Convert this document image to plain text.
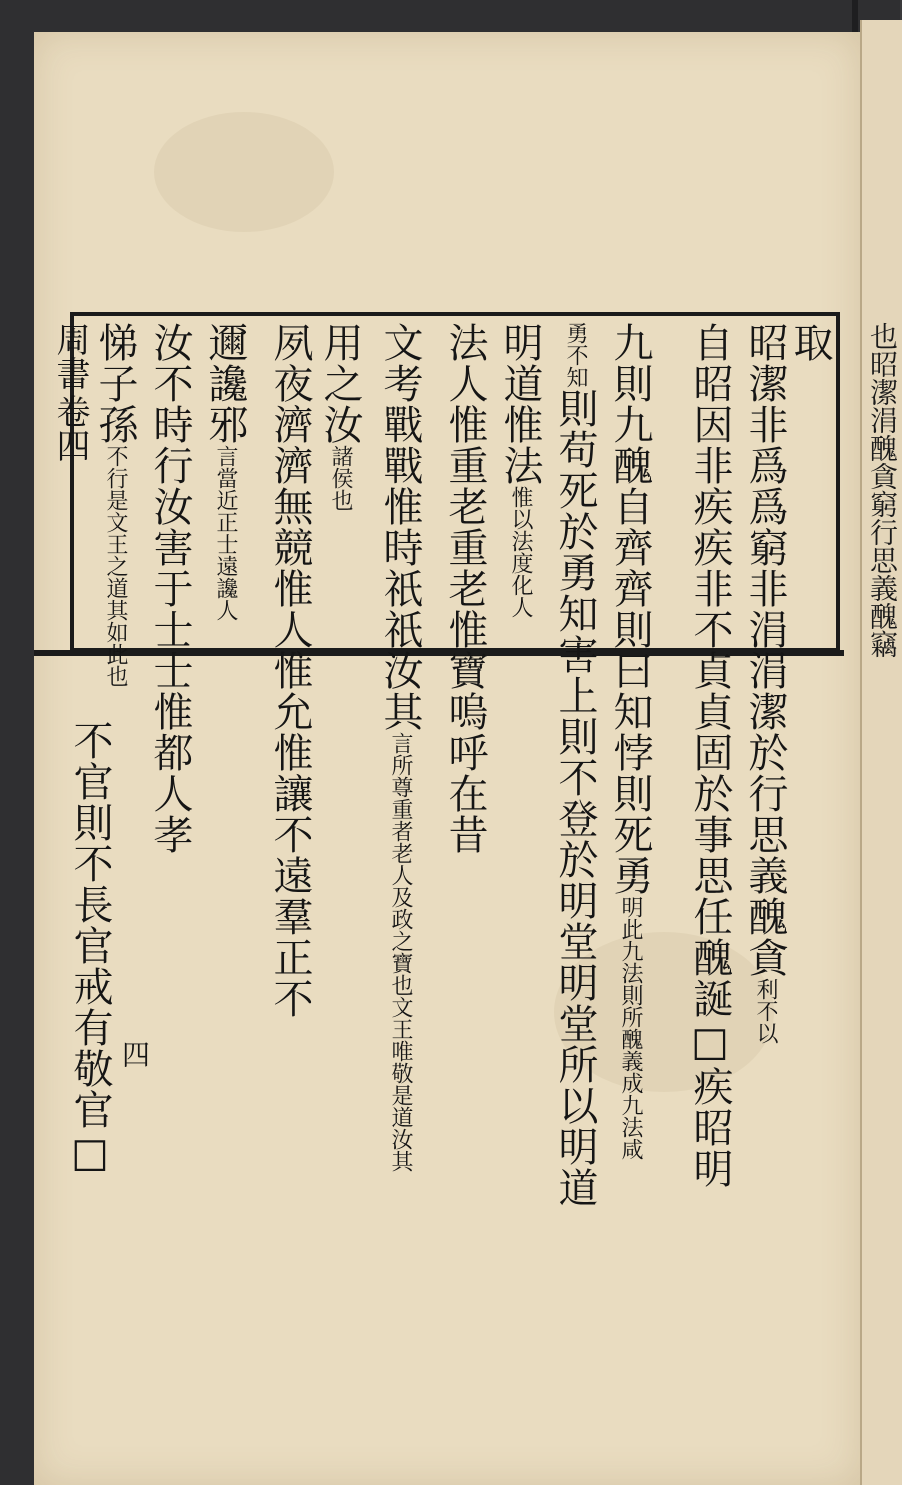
也昭潔涓醜貪窮行思義醜竊
周書
卷四
四
取
昭潔非爲爲窮非涓涓潔於行思義醜貪
利不以
自昭因非疾疾非不貞貞固於事思任醜誕□疾昭明
九則九醜自齊齊則曰知悖則死勇
明此九法則所醜義成九法咸
勇不知
則苟死於勇知害上則不登於明堂明堂所以明道
明道惟法
惟以法度化人
法人惟重老重老惟寶嗚呼在昔
文考戰戰惟時祇祇汝其
言所尊重者老人及政之寶也文王唯敬是道汝其
用之汝
諸侯也
夙夜濟濟無競惟人惟允惟讓不遠羣正不
邇讒邪
言當近正士遠讒人
汝不時行汝害于士士惟都人孝
悌子孫
不行是文王之道其如此也
不官則不長官戒有敬官□
